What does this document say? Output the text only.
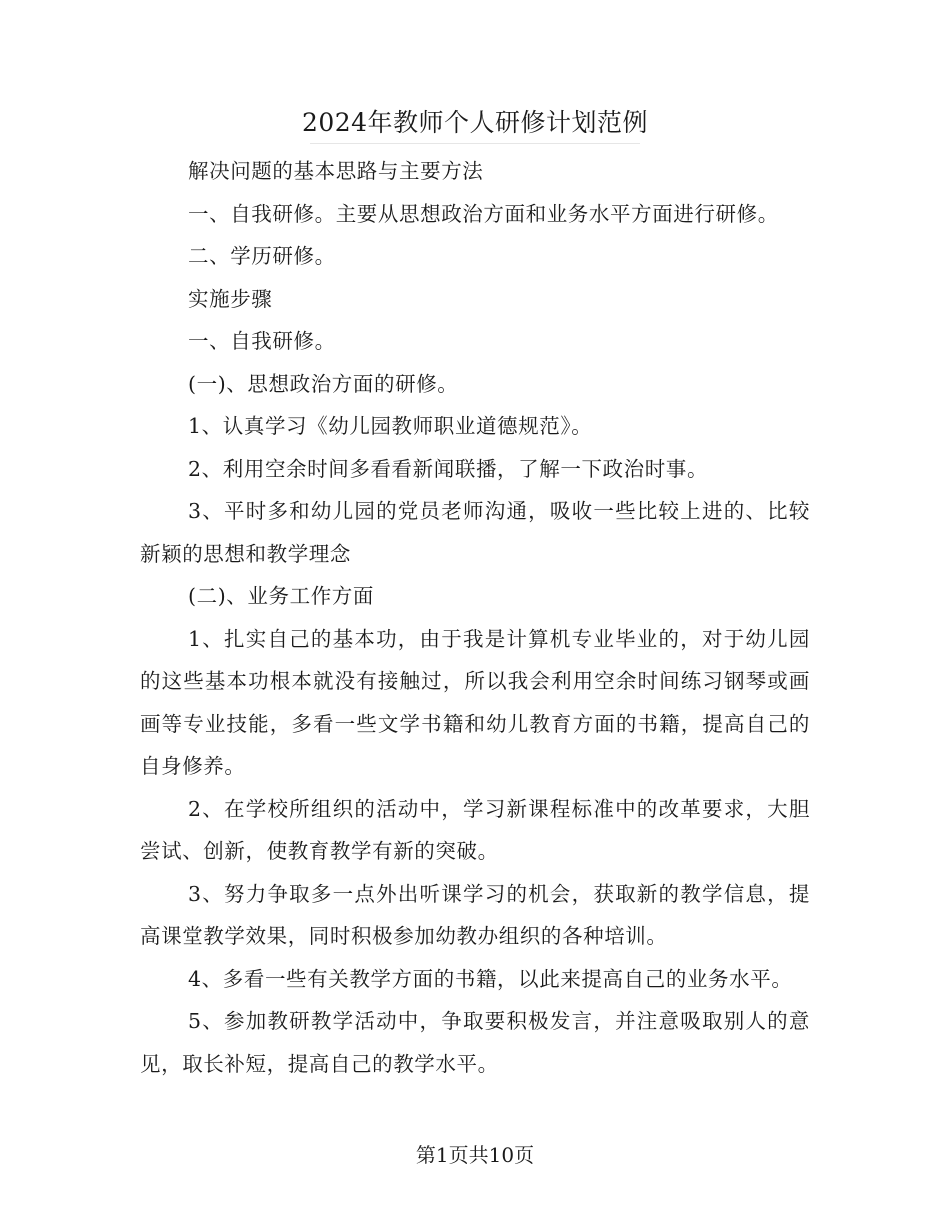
2024年教师个人研修计划范例

解决问题的基本思路与主要方法

一、自我研修。主要从思想政治方面和业务水平方面进行研修。

二、学历研修。

实施步骤

一、自我研修。

(一)、思想政治方面的研修。

1、认真学习《幼儿园教师职业道德规范》。

2、利用空余时间多看看新闻联播，了解一下政治时事。

3、平时多和幼儿园的党员老师沟通，吸收一些比较上进的、比较新颖的思想和教学理念

(二)、业务工作方面

1、扎实自己的基本功，由于我是计算机专业毕业的，对于幼儿园的这些基本功根本就没有接触过，所以我会利用空余时间练习钢琴或画画等专业技能，多看一些文学书籍和幼儿教育方面的书籍，提高自己的自身修养。

2、在学校所组织的活动中，学习新课程标准中的改革要求，大胆尝试、创新，使教育教学有新的突破。

3、努力争取多一点外出听课学习的机会，获取新的教学信息，提高课堂教学效果，同时积极参加幼教办组织的各种培训。

4、多看一些有关教学方面的书籍，以此来提高自己的业务水平。

5、参加教研教学活动中，争取要积极发言，并注意吸取别人的意见，取长补短，提高自己的教学水平。

第1页共10页
